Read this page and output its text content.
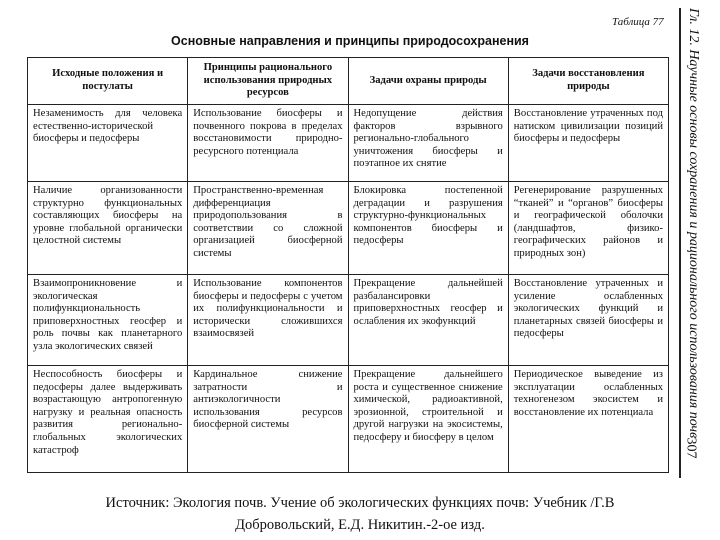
Таблица 77
Основные направления и принципы природосохранения
Исходные положения и постулаты	Принципы рационального использования природных ресурсов	Задачи охраны природы	Задачи восстановления природы
Незаменимость для человека естественно-исторической биосферы и педосферы	Использование биосферы и почвенного покрова в пределах восстановимости природно-ресурсного потенциала	Недопущение действия факторов взрывного регионально-глобального уничтожения биосферы и поэтапное их снятие	Восстановление утраченных под натиском цивилизации позиций биосферы и педосферы
Наличие организованности структурно функциональных составляющих биосферы на уровне глобальной органически целостной системы	Пространственно-временная дифференциация природопользования в соответствии со сложной организацией биосферной системы	Блокировка постепенной деградации и разрушения структурно-функциональных компонентов биосферы и педосферы	Регенерирование разрушенных “тканей” и “органов” биосферы и географической оболочки (ландшафтов, физико-географических районов и природных зон)
Взаимопроникновение и экологическая полифункциональность приповерхностных геосфер и роль почвы как планетарного узла экологических связей	Использование компонентов биосферы и педосферы с учетом их полифункциональности и исторически сложившихся взаимосвязей	Прекращение дальнейшей разбалансировки приповерхностных геосфер и ослабления их экофункций	Восстановление утраченных и усиление ослабленных экологических функций и планетарных связей биосферы и педосферы
Неспособность биосферы и педосферы далее выдерживать возрастающую антропогенную нагрузку и реальная опасность развития регионально-глобальных экологических катастроф	Кардинальное снижение затратности и антиэкологичности использования ресурсов биосферной системы	Прекращение дальнейшего роста и существенное снижение химической, радиоактивной, эрозионной, строительной и другой нагрузки на экосистемы, педосферу и биосферу в целом	Периодическое выведение из эксплуатации ослабленных техногенезом экосистем и восстановление их потенциала Гл. 12. Научные основы сохранения и рационального использования почв
307
Источник: Экология почв. Учение об экологических функциях почв: Учебник /Г.В Добровольский, Е.Д. Никитин.-2-ое изд.
